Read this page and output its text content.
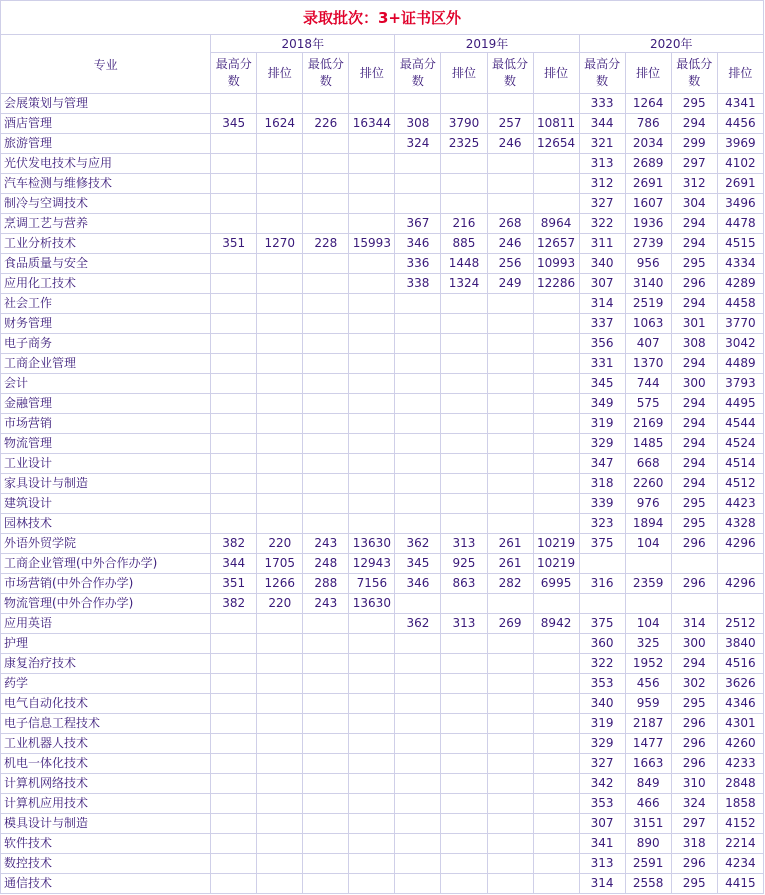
录取批次：3+证书区外												
专业	2018年				2019年				2020年			
	最高分数	排位	最低分数	排位	最高分数	排位	最低分数	排位	最高分数	排位	最低分数	排位
会展策划与管理									333	1264	295	4341
酒店管理	345	1624	226	16344	308	3790	257	10811	344	786	294	4456
旅游管理					324	2325	246	12654	321	2034	299	3969
光伏发电技术与应用									313	2689	297	4102
汽车检测与维修技术									312	2691	312	2691
制冷与空调技术									327	1607	304	3496
烹调工艺与营养					367	216	268	8964	322	1936	294	4478
工业分析技术	351	1270	228	15993	346	885	246	12657	311	2739	294	4515
食品质量与安全					336	1448	256	10993	340	956	295	4334
应用化工技术					338	1324	249	12286	307	3140	296	4289
社会工作									314	2519	294	4458
财务管理									337	1063	301	3770
电子商务									356	407	308	3042
工商企业管理									331	1370	294	4489
会计									345	744	300	3793
金融管理									349	575	294	4495
市场营销									319	2169	294	4544
物流管理									329	1485	294	4524
工业设计									347	668	294	4514
家具设计与制造									318	2260	294	4512
建筑设计									339	976	295	4423
园林技术									323	1894	295	4328
外语外贸学院	382	220	243	13630	362	313	261	10219	375	104	296	4296
工商企业管理(中外合作办学)	344	1705	248	12943	345	925	261	10219				
市场营销(中外合作办学)	351	1266	288	7156	346	863	282	6995	316	2359	296	4296
物流管理(中外合作办学)	382	220	243	13630								
应用英语					362	313	269	8942	375	104	314	2512
护理									360	325	300	3840
康复治疗技术									322	1952	294	4516
药学									353	456	302	3626
电气自动化技术									340	959	295	4346
电子信息工程技术									319	2187	296	4301
工业机器人技术									329	1477	296	4260
机电一体化技术									327	1663	296	4233
计算机网络技术									342	849	310	2848
计算机应用技术									353	466	324	1858
模具设计与制造									307	3151	297	4152
软件技术									341	890	318	2214
数控技术									313	2591	296	4234
通信技术									314	2558	295	4415
